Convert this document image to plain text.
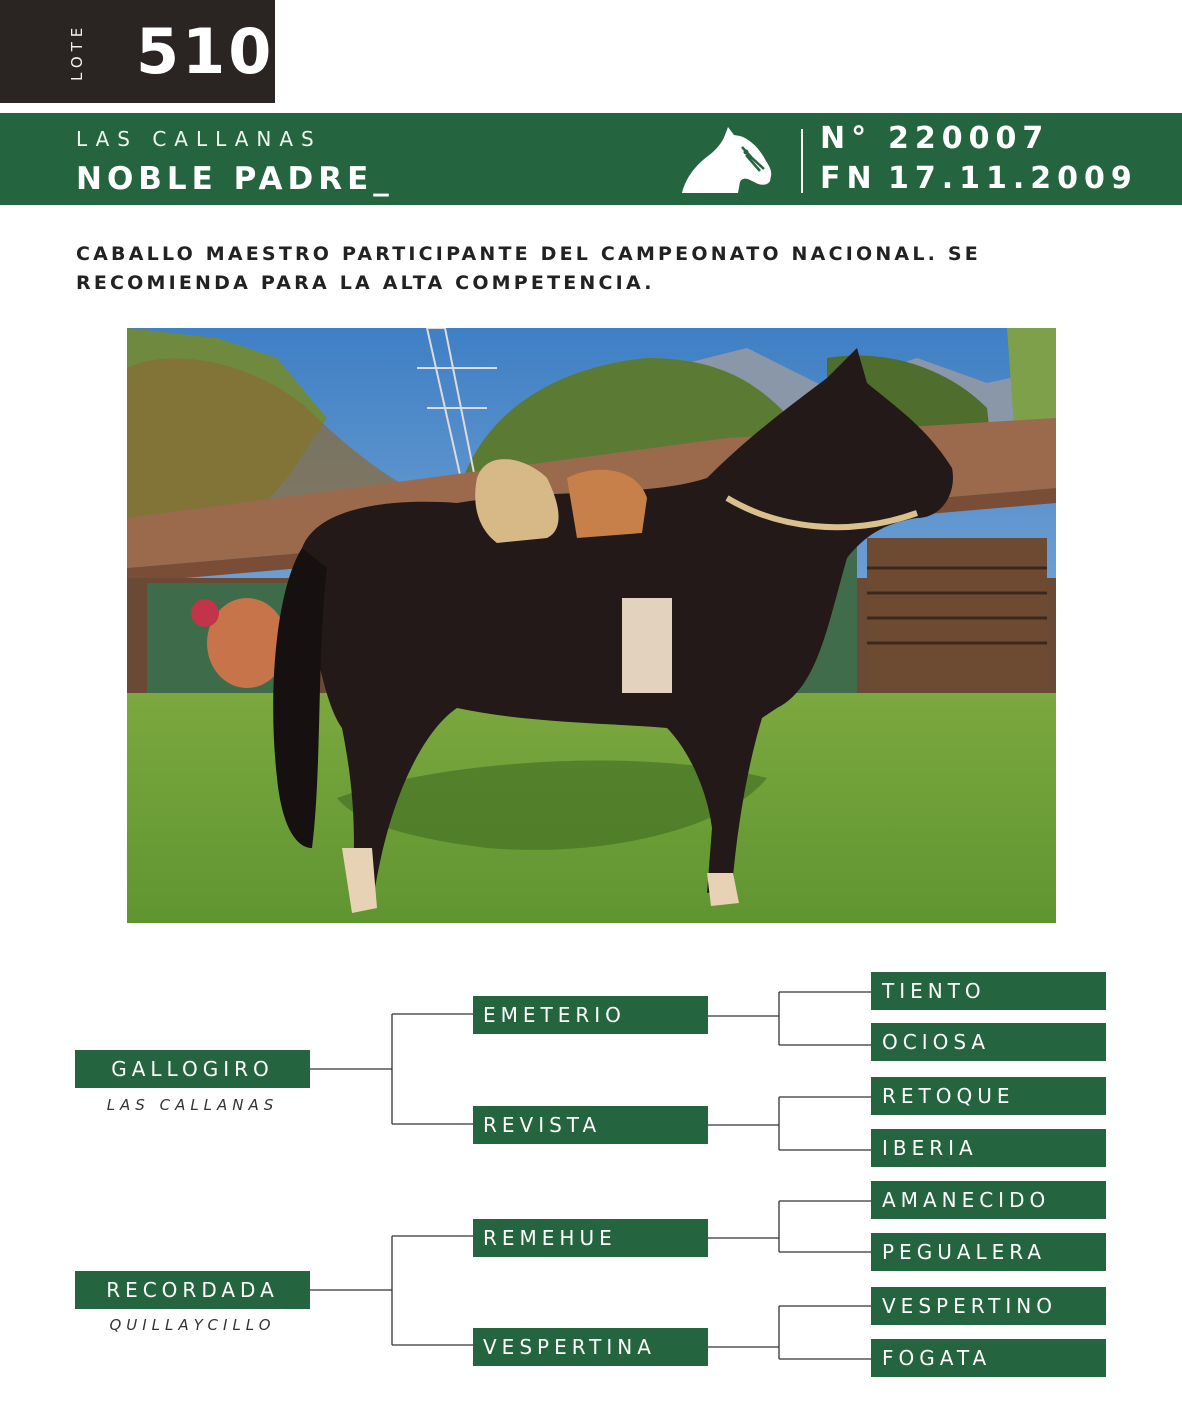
LOTE 510
LAS CALLANAS
NOBLE PADRE_
N° 220007
FN 17.11.2009
CABALLO MAESTRO PARTICIPANTE DEL CAMPEONATO NACIONAL. SE RECOMIENDA PARA LA ALTA COMPETENCIA.
GALLOGIRO
LAS CALLANAS
RECORDADA
QUILLAYCILLO
EMETERIO
REVISTA
REMEHUE
VESPERTINA
TIENTO
OCIOSA
RETOQUE
IBERIA
AMANECIDO
PEGUALERA
VESPERTINO
FOGATA
